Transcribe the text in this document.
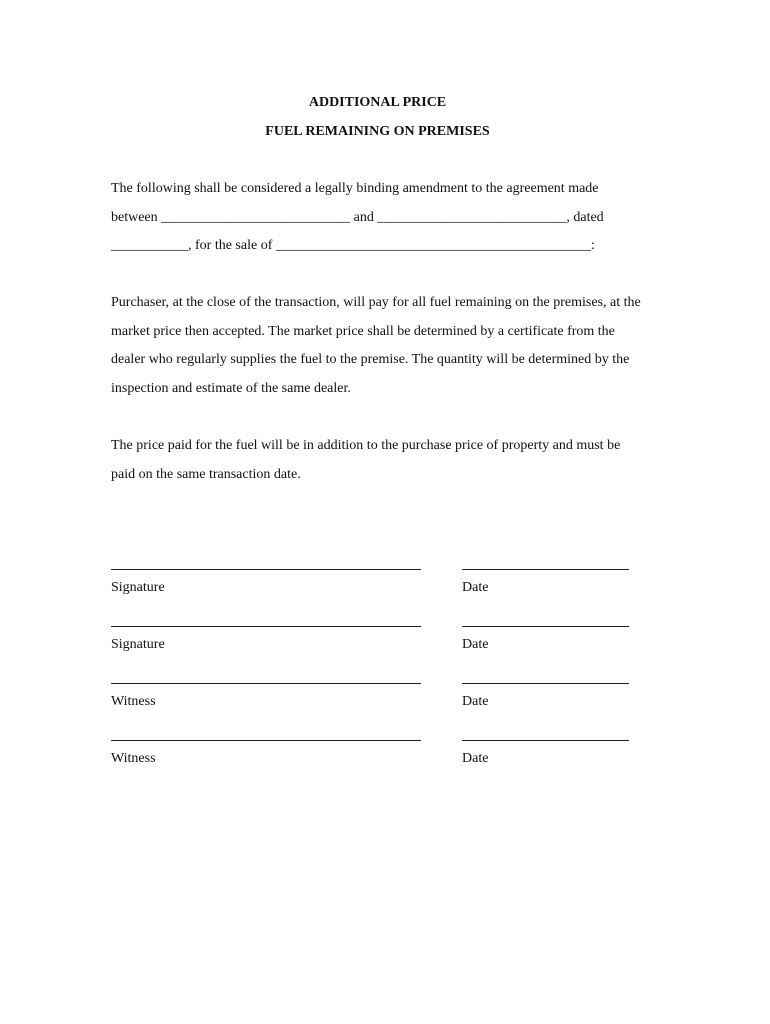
ADDITIONAL PRICE
FUEL REMAINING ON PREMISES
The following shall be considered a legally binding amendment to the agreement made
between ___________________________ and ___________________________, dated
___________, for the sale of _____________________________________________:
Purchaser, at the close of the transaction, will pay for all fuel remaining on the premises, at the
market price then accepted. The market price shall be determined by a certificate from the
dealer who regularly supplies the fuel to the premise. The quantity will be determined by the
inspection and estimate of the same dealer.
The price paid for the fuel will be in addition to the purchase price of property and must be
paid on the same transaction date.
Signature	Date
Signature	Date
Witness	Date
Witness	Date
